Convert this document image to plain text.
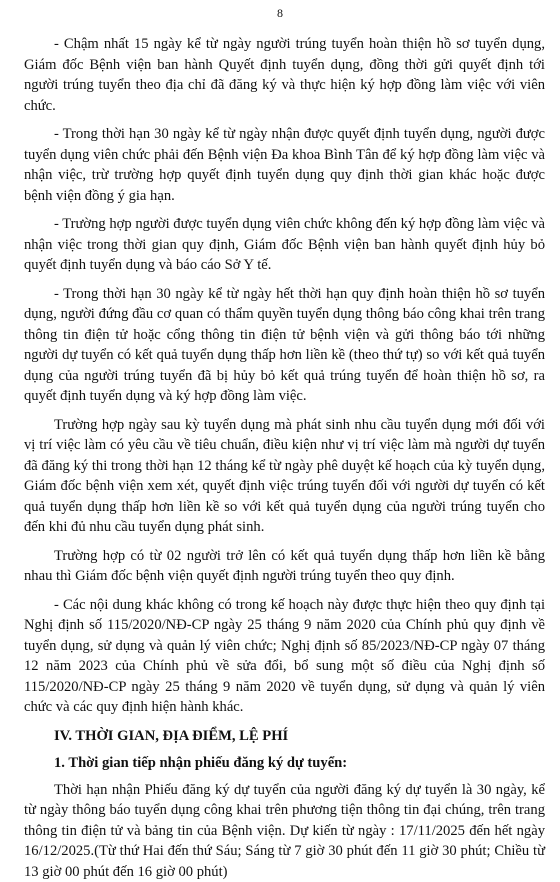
8

- Chậm nhất 15 ngày kể từ ngày người trúng tuyển hoàn thiện hồ sơ tuyển dụng, Giám đốc Bệnh viện ban hành Quyết định tuyển dụng, đồng thời gửi quyết định tới người trúng tuyển theo địa chỉ đã đăng ký và thực hiện ký hợp đồng làm việc với viên chức.

- Trong thời hạn 30 ngày kể từ ngày nhận được quyết định tuyển dụng, người được tuyển dụng viên chức phải đến Bệnh viện Đa khoa Bình Tân để ký hợp đồng làm việc và nhận việc, trừ trường hợp quyết định tuyển dụng quy định thời gian khác hoặc được bệnh viện đồng ý gia hạn.

- Trường hợp người được tuyển dụng viên chức không đến ký hợp đồng làm việc và nhận việc trong thời gian quy định, Giám đốc Bệnh viện ban hành quyết định hủy bỏ quyết định tuyển dụng và báo cáo Sở Y tế.

- Trong thời hạn 30 ngày kể từ ngày hết thời hạn quy định hoàn thiện hồ sơ tuyển dụng, người đứng đầu cơ quan có thẩm quyền tuyển dụng thông báo công khai trên trang thông tin điện tử hoặc cổng thông tin điện tử bệnh viện và gửi thông báo tới những người dự tuyển có kết quả tuyển dụng thấp hơn liền kề (theo thứ tự) so với kết quả tuyển dụng của người trúng tuyển đã bị hủy bỏ kết quả trúng tuyển để hoàn thiện hồ sơ, ra quyết định tuyển dụng và ký hợp đồng làm việc.

Trường hợp ngày sau kỳ tuyển dụng mà phát sinh nhu cầu tuyển dụng mới đối với vị trí việc làm có yêu cầu về tiêu chuẩn, điều kiện như vị trí việc làm mà người dự tuyển đã đăng ký thi trong thời hạn 12 tháng kể từ ngày phê duyệt kế hoạch của kỳ tuyển dụng, Giám đốc bệnh viện xem xét, quyết định việc trúng tuyển đối với người dự tuyển có kết quả tuyển dụng thấp hơn liền kề so với kết quả tuyển dụng của người trúng tuyển cho đến khi đủ nhu cầu tuyển dụng phát sinh.

Trường hợp có từ 02 người trở lên có kết quả tuyển dụng thấp hơn liền kề bằng nhau thì Giám đốc bệnh viện quyết định người trúng tuyển theo quy định.

- Các nội dung khác không có trong kế hoạch này được thực hiện theo quy định tại Nghị định số 115/2020/NĐ-CP ngày 25 tháng 9 năm 2020 của Chính phủ quy định về tuyển dụng, sử dụng và quản lý viên chức; Nghị định số 85/2023/NĐ-CP ngày 07 tháng 12 năm 2023 của Chính phủ về sửa đổi, bổ sung một số điều của Nghị định số 115/2020/NĐ-CP ngày 25 tháng 9 năm 2020 về tuyển dụng, sử dụng và quản lý viên chức và các quy định hiện hành khác.

IV. THỜI GIAN, ĐỊA ĐIỂM, LỆ PHÍ
1. Thời gian tiếp nhận phiếu đăng ký dự tuyển:

Thời hạn nhận Phiếu đăng ký dự tuyển của người đăng ký dự tuyển là 30 ngày, kể từ ngày thông báo tuyển dụng công khai trên phương tiện thông tin đại chúng, trên trang thông tin điện tử và bảng tin của Bệnh viện. Dự kiến từ ngày : 17/11/2025 đến hết ngày 16/12/2025.(Từ thứ Hai đến thứ Sáu; Sáng từ 7 giờ 30 phút đến 11 giờ 30 phút; Chiều từ 13 giờ 00 phút đến 16 giờ 00 phút)
